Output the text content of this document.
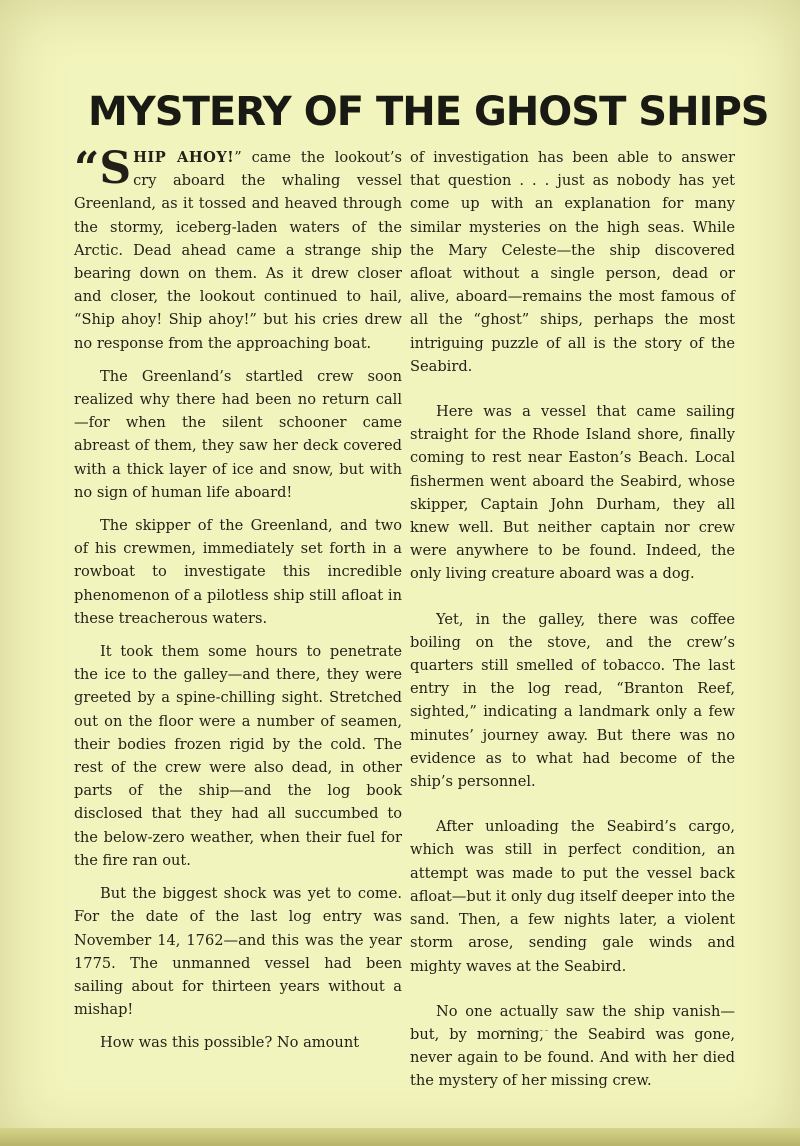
MYSTERY OF THE GHOST SHIPS

“S HIP AHOY!” came the lookout’s cry aboard the whaling vessel Greenland, as it tossed and heaved through the stormy, iceberg-laden waters of the Arctic. Dead ahead came a strange ship bearing down on them. As it drew closer and closer, the lookout continued to hail, “Ship ahoy! Ship ahoy!” but his cries drew no response from the approaching boat.

The Greenland’s startled crew soon realized why there had been no return call—for when the silent schooner came abreast of them, they saw her deck covered with a thick layer of ice and snow, but with no sign of human life aboard!

The skipper of the Greenland, and two of his crewmen, immediately set forth in a rowboat to investigate this incredible phenomenon of a pilotless ship still afloat in these treacherous waters.

It took them some hours to penetrate the ice to the galley—and there, they were greeted by a spine-chilling sight. Stretched out on the floor were a number of seamen, their bodies frozen rigid by the cold. The rest of the crew were also dead, in other parts of the ship—and the log book disclosed that they had all succumbed to the below-zero weather, when their fuel for the fire ran out.

But the biggest shock was yet to come. For the date of the last log entry was November 14, 1762—and this was the year 1775. The unmanned vessel had been sailing about for thirteen years without a mishap!

How was this possible? No amount

of investigation has been able to answer that question . . . just as nobody has yet come up with an explanation for many similar mysteries on the high seas. While the Mary Celeste—the ship discovered afloat without a single person, dead or alive, aboard—remains the most famous of all the “ghost” ships, perhaps the most intriguing puzzle of all is the story of the Seabird.

Here was a vessel that came sailing straight for the Rhode Island shore, finally coming to rest near Easton’s Beach. Local fishermen went aboard the Seabird, whose skipper, Captain John Durham, they all knew well. But neither captain nor crew were anywhere to be found. Indeed, the only living creature aboard was a dog.

Yet, in the galley, there was coffee boiling on the stove, and the crew’s quarters still smelled of tobacco. The last entry in the log read, “Branton Reef, sighted,” indicating a landmark only a few minutes’ journey away. But there was no evidence as to what had become of the ship’s personnel.

After unloading the Seabird’s cargo, which was still in perfect condition, an attempt was made to put the vessel back afloat—but it only dug itself deeper into the sand. Then, a few nights later, a violent storm arose, sending gale winds and mighty waves at the Seabird.

No one actually saw the ship vanish—but, by morning, the Seabird was gone, never again to be found. And with her died the mystery of her missing crew.
